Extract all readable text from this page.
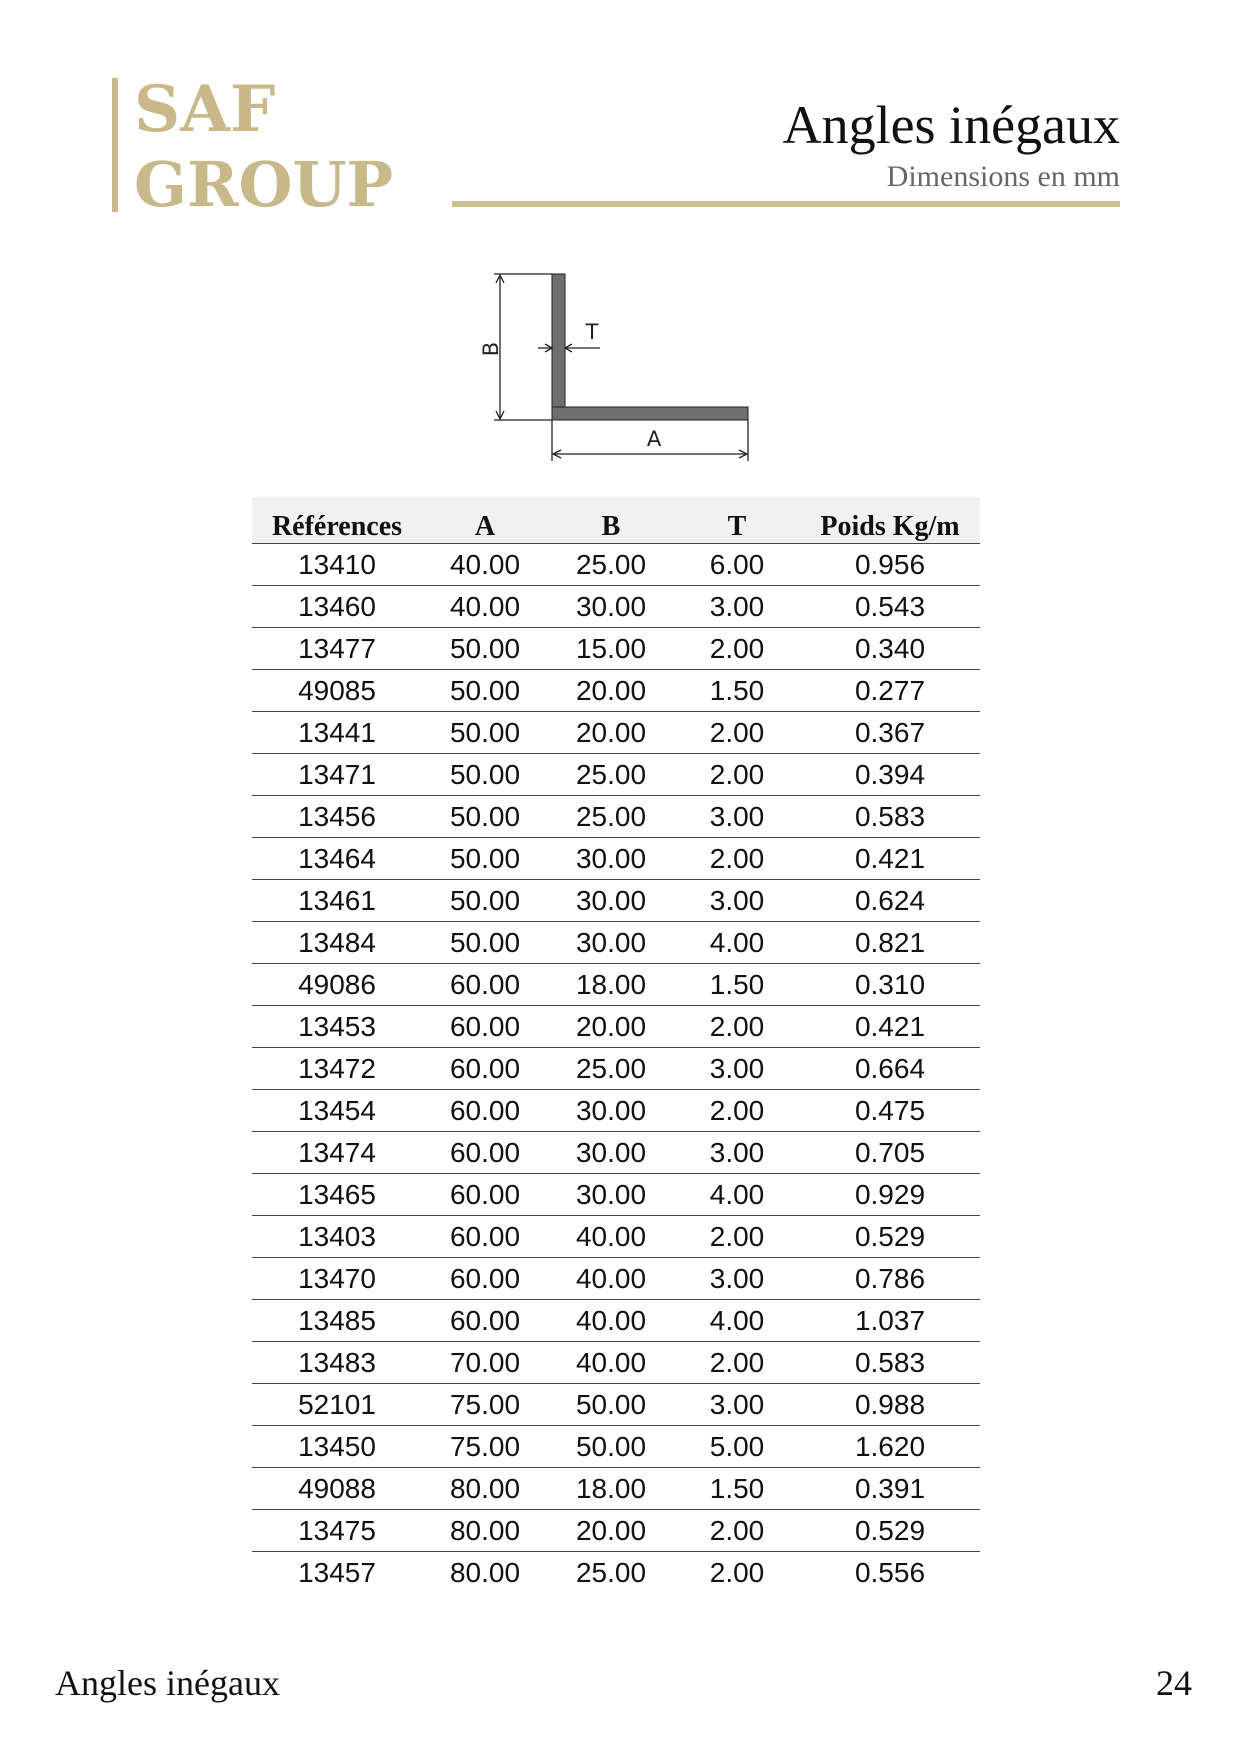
SAF
GROUP
Angles inégaux
Dimensions en mm
B
T
A
Références	A	B	T	Poids Kg/m
13410	40.00	25.00	6.00	0.956
13460	40.00	30.00	3.00	0.543
13477	50.00	15.00	2.00	0.340
49085	50.00	20.00	1.50	0.277
13441	50.00	20.00	2.00	0.367
13471	50.00	25.00	2.00	0.394
13456	50.00	25.00	3.00	0.583
13464	50.00	30.00	2.00	0.421
13461	50.00	30.00	3.00	0.624
13484	50.00	30.00	4.00	0.821
49086	60.00	18.00	1.50	0.310
13453	60.00	20.00	2.00	0.421
13472	60.00	25.00	3.00	0.664
13454	60.00	30.00	2.00	0.475
13474	60.00	30.00	3.00	0.705
13465	60.00	30.00	4.00	0.929
13403	60.00	40.00	2.00	0.529
13470	60.00	40.00	3.00	0.786
13485	60.00	40.00	4.00	1.037
13483	70.00	40.00	2.00	0.583
52101	75.00	50.00	3.00	0.988
13450	75.00	50.00	5.00	1.620
49088	80.00	18.00	1.50	0.391
13475	80.00	20.00	2.00	0.529
13457	80.00	25.00	2.00	0.556
Angles inégaux	24
